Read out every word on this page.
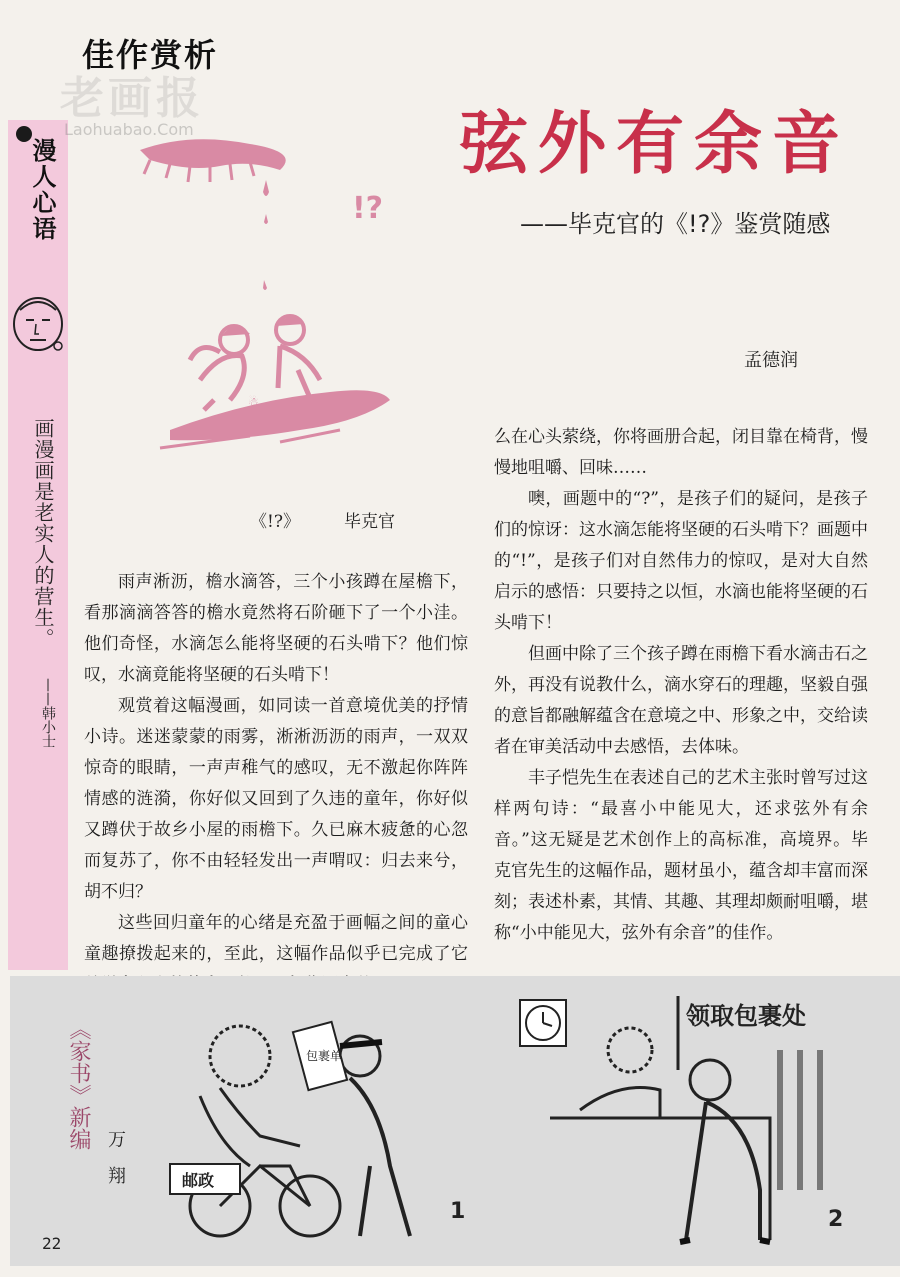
漫人心语
画漫画是老实人的营生。
——韩小士
佳作赏析
老画报
Laohuabao.Com	弦外有余音
——毕克官的《!?》鉴赏随感
孟德润
!?
☃
《!?》	毕克官

雨声淅沥，檐水滴答，三个小孩蹲在屋檐下，看那滴滴答答的檐水竟然将石阶砸下了一个小洼。他们奇怪，水滴怎么能将坚硬的石头啃下？他们惊叹，水滴竟能将坚硬的石头啃下！

观赏着这幅漫画，如同读一首意境优美的抒情小诗。迷迷蒙蒙的雨雾，淅淅沥沥的雨声，一双双惊奇的眼睛，一声声稚气的感叹，无不激起你阵阵情感的涟漪，你好似又回到了久违的童年，你好似又蹲伏于故乡小屋的雨檐下。久已麻木疲惫的心忽而复苏了，你不由轻轻发出一声喟叹：归去来兮，胡不归？

这些回归童年的心绪是充盈于画幅之间的童心童趣撩拨起来的，至此，这幅作品似乎已完成了它

么在心头萦绕，你将画册合起，闭目靠在椅背，慢慢地咀嚼、回味……

噢，画题中的“?”，是孩子们的疑问，是孩子们的惊讶：这水滴怎能将坚硬的石头啃下？画题中的“!”，是孩子们对自然伟力的惊叹，是对大自然启示的感悟：只要持之以恒，水滴也能将坚硬的石头啃下！

但画中除了三个孩子蹲在雨檐下看水滴击石之外，再没有说教什么，滴水穿石的理趣，坚毅自强的意旨都融解蕴含在意境之中、形象之中，交给读者在审美活动中去感悟，去体味。

丰子恺先生在表述自己的艺术主张时曾写过这样两句诗：“最喜小中能见大，还求弦外有余音。”这无疑是艺术创作上的高标准，高境界。毕克官先生的这幅作品，题材虽小，蕴含却丰富而深刻；表述朴素，其情、其趣、其理却颇耐咀嚼，堪称“小中能见大，弦外有余音”的佳作。

《家书》新编
万翔
包裹单
邮政
1
领取包裹处
2
22
